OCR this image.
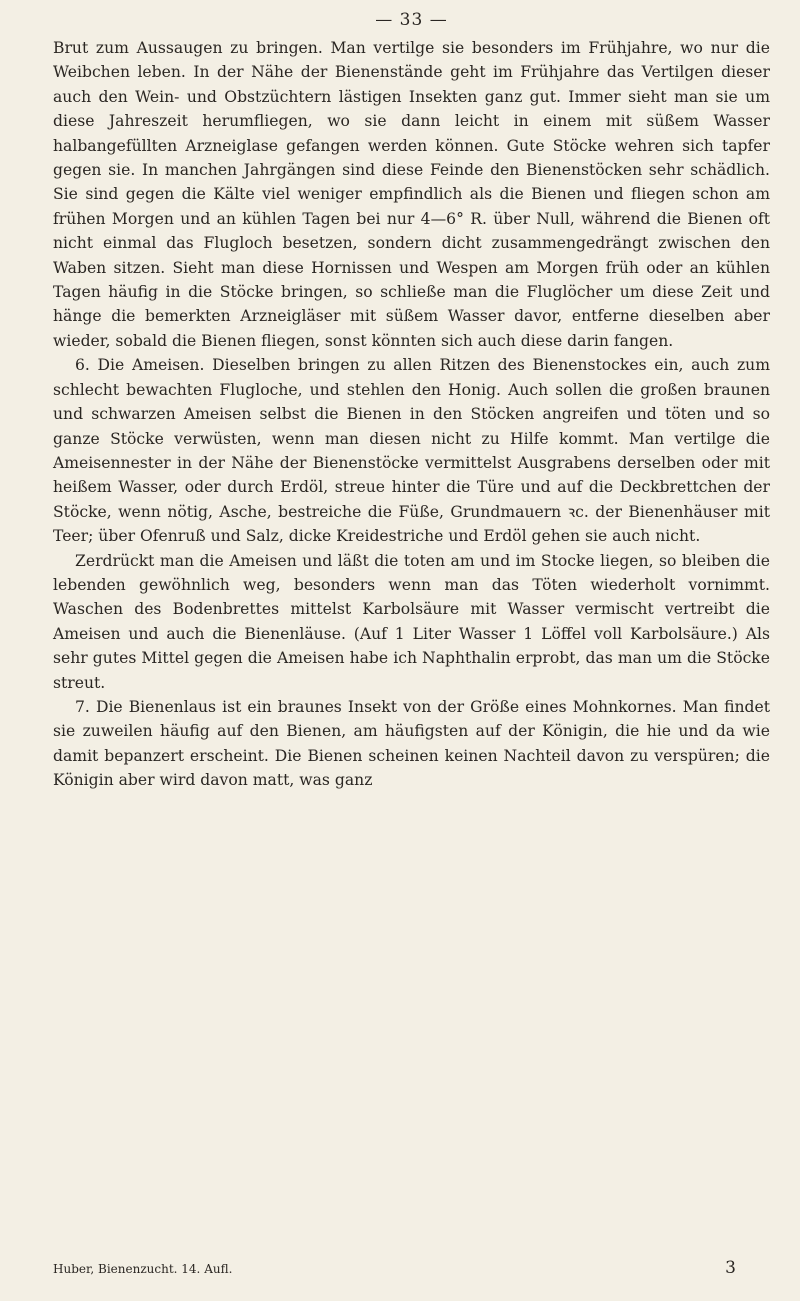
— 33 —

Brut zum Aussaugen zu bringen. Man vertilge sie besonders im Frühjahre, wo nur die Weibchen leben. In der Nähe der Bienenstände geht im Frühjahre das Vertilgen dieser auch den Wein- und Obstzüchtern lästigen Insekten ganz gut. Immer sieht man sie um diese Jahreszeit herumfliegen, wo sie dann leicht in einem mit süßem Wasser halbangefüllten Arzneiglase gefangen werden können. Gute Stöcke wehren sich tapfer gegen sie. In manchen Jahrgängen sind diese Feinde den Bienenstöcken sehr schädlich. Sie sind gegen die Kälte viel weniger empfindlich als die Bienen und fliegen schon am frühen Morgen und an kühlen Tagen bei nur 4—6° R. über Null, während die Bienen oft nicht einmal das Flugloch besetzen, sondern dicht zusammengedrängt zwischen den Waben sitzen. Sieht man diese Hornissen und Wespen am Morgen früh oder an kühlen Tagen häufig in die Stöcke bringen, so schließe man die Fluglöcher um diese Zeit und hänge die bemerkten Arzneigläser mit süßem Wasser davor, entferne dieselben aber wieder, sobald die Bienen fliegen, sonst könnten sich auch diese darin fangen.

6. Die Ameisen. Dieselben bringen zu allen Ritzen des Bienenstockes ein, auch zum schlecht bewachten Flugloche, und stehlen den Honig. Auch sollen die großen braunen und schwarzen Ameisen selbst die Bienen in den Stöcken angreifen und töten und so ganze Stöcke verwüsten, wenn man diesen nicht zu Hilfe kommt. Man vertilge die Ameisennester in der Nähe der Bienenstöcke vermittelst Ausgrabens derselben oder mit heißem Wasser, oder durch Erdöl, streue hinter die Türe und auf die Deckbrettchen der Stöcke, wenn nötig, Asche, bestreiche die Füße, Grundmauern ꝛc. der Bienenhäuser mit Teer; über Ofenruß und Salz, dicke Kreidestriche und Erdöl gehen sie auch nicht.

Zerdrückt man die Ameisen und läßt die toten am und im Stocke liegen, so bleiben die lebenden gewöhnlich weg, besonders wenn man das Töten wiederholt vornimmt. Waschen des Bodenbrettes mittelst Karbolsäure mit Wasser vermischt vertreibt die Ameisen und auch die Bienenläuse. (Auf 1 Liter Wasser 1 Löffel voll Karbolsäure.) Als sehr gutes Mittel gegen die Ameisen habe ich Naphthalin erprobt, das man um die Stöcke streut.

7. Die Bienenlaus ist ein braunes Insekt von der Größe eines Mohnkornes. Man findet sie zuweilen häufig auf den Bienen, am häufigsten auf der Königin, die hie und da wie damit bepanzert erscheint. Die Bienen scheinen keinen Nachteil davon zu verspüren; die Königin aber wird davon matt, was ganz

Huber, Bienenzucht. 14. Aufl.	3
